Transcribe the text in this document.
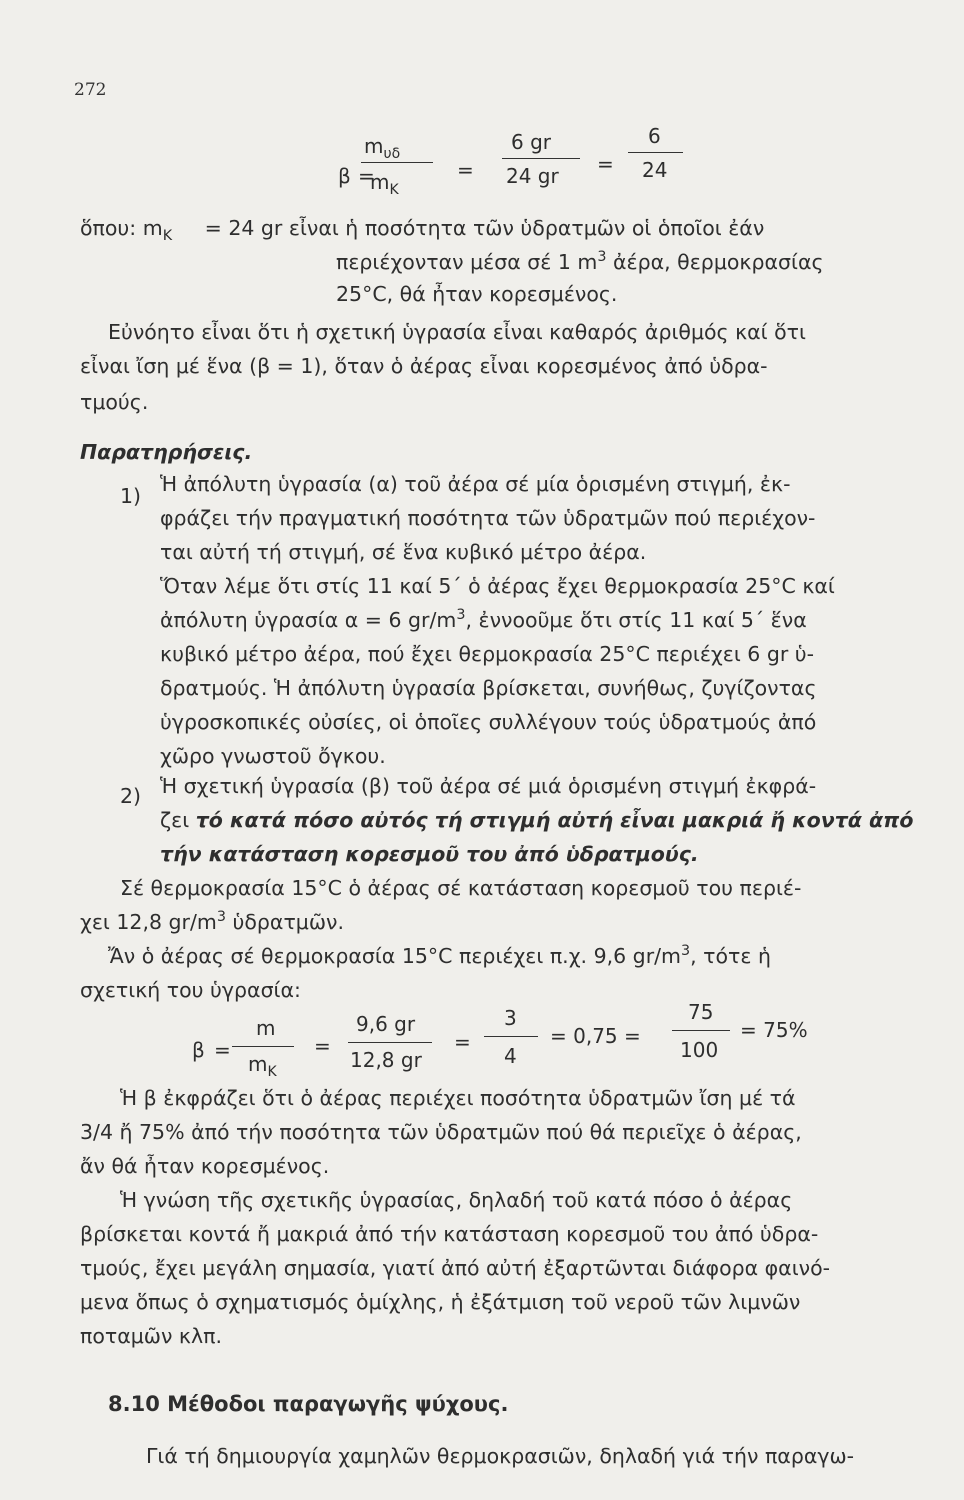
272
β =
$m_{\upsilon\delta}$
$m_K$
=
6 gr
24 gr =
6
24
ὅπου: $m_K = 24$ gr εἶναι ἡ ποσότητα τῶν ὑδρατμῶν οἱ ὁποῖοι ἐάν
περιέχονταν μέσα σέ 1 $m^3$ ἀέρα, θερμοκρασίας
25°C, θά ἦταν κορεσμένος.
Εὐνόητο εἶναι ὅτι ἡ σχετική ὑγρασία εἶναι καθαρός ἀριθμός καί ὅτι
εἶναι ἴση μέ ἕνα (β = 1), ὅταν ὁ ἀέρας εἶναι κορεσμένος ἀπό ὑδρα-
τμούς.
Παρατηρήσεις.
1) Ἡ ἀπόλυτη ὑγρασία (α) τοῦ ἀέρα σέ μία ὁρισμένη στιγμή, ἐκ-
φράζει τήν πραγματική ποσότητα τῶν ὑδρατμῶν πού περιέχον-
ται αὐτή τή στιγμή, σέ ἕνα κυβικό μέτρο ἀέρα.
Ὅταν λέμε ὅτι στίς 11 καί 5΄ ὁ ἀέρας ἔχει θερμοκρασία 25°C καί
ἀπόλυτη ὑγρασία α = 6 $gr/m^3$, ἐννοοῦμε ὅτι στίς 11 καί 5΄ ἕνα
κυβικό μέτρο ἀέρα, πού ἔχει θερμοκρασία 25°C περιέχει 6 gr ὑ-
δρατμούς. Ἡ ἀπόλυτη ὑγρασία βρίσκεται, συνήθως, ζυγίζοντας
ὑγροσκοπικές οὐσίες, οἱ ὁποῖες συλλέγουν τούς ὑδρατμούς ἀπό
χῶρο γνωστοῦ ὄγκου.
2) Ἡ σχετική ὑγρασία (β) τοῦ ἀέρα σέ μιά ὁρισμένη στιγμή ἐκφρά-
ζει τό κατά πόσο αὐτός τή στιγμή αὐτή εἶναι μακριά ἤ κοντά ἀπό
τήν κατάσταση κορεσμοῦ του ἀπό ὑδρατμούς.
Σέ θερμοκρασία 15°C ὁ ἀέρας σέ κατάσταση κορεσμοῦ του περιέ-
χει 12,8 $gr/m^3$ ὑδρατμῶν.
Ἄν ὁ ἀέρας σέ θερμοκρασία 15°C περιέχει π.χ. 9,6 $gr/m^3$, τότε ἡ
σχετική του ὑγρασία:
β =
m
$m_K$
=
9,6 gr
12,8 gr
=
3
4
= 0,75 =
75
100
= 75%
Ἡ β ἐκφράζει ὅτι ὁ ἀέρας περιέχει ποσότητα ὑδρατμῶν ἴση μέ τά
3/4 ἤ 75% ἀπό τήν ποσότητα τῶν ὑδρατμῶν πού θά περιεῖχε ὁ ἀέρας,
ἄν θά ἦταν κορεσμένος.
Ἡ γνώση τῆς σχετικῆς ὑγρασίας, δηλαδή τοῦ κατά πόσο ὁ ἀέρας
βρίσκεται κοντά ἤ μακριά ἀπό τήν κατάσταση κορεσμοῦ του ἀπό ὑδρα-
τμούς, ἔχει μεγάλη σημασία, γιατί ἀπό αὐτή ἐξαρτῶνται διάφορα φαινό-
μενα ὅπως ὁ σχηματισμός ὁμίχλης, ἡ ἐξάτμιση τοῦ νεροῦ τῶν λιμνῶν
ποταμῶν κλπ.
8.10 Μέθοδοι παραγωγῆς ψύχους.
Γιά τή δημιουργία χαμηλῶν θερμοκρασιῶν, δηλαδή γιά τήν παραγω-
